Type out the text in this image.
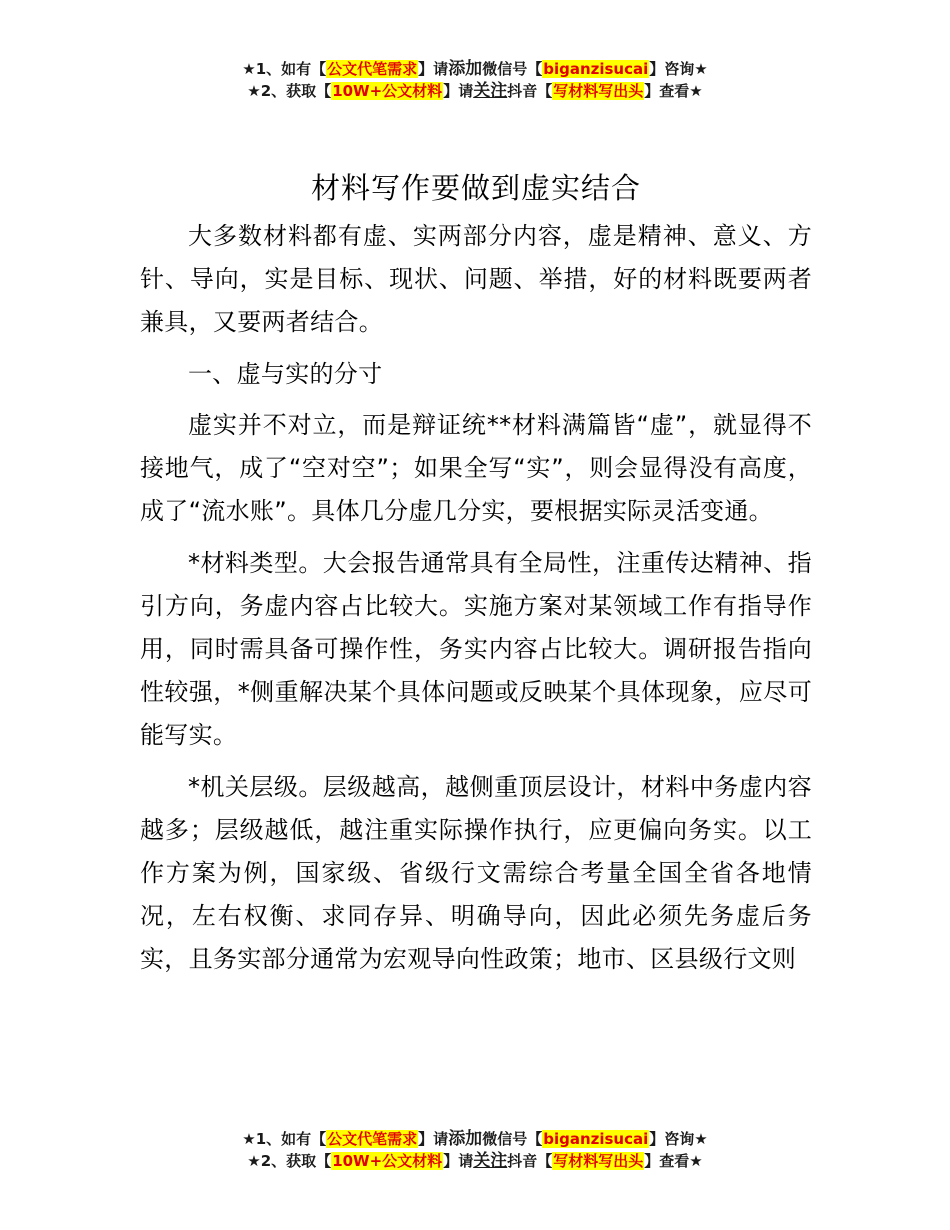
★1、如有【公文代笔需求】请添加微信号【biganzisucai】咨询★
★2、获取【10W+公文材料】请关注抖音【写材料写出头】查看★
材料写作要做到虚实结合

大多数材料都有虚、实两部分内容，虚是精神、意义、方针、导向，实是目标、现状、问题、举措，好的材料既要两者兼具，又要两者结合。

一、虚与实的分寸

虚实并不对立，而是辩证统**材料满篇皆“虚”，就显得不接地气，成了“空对空”；如果全写“实”，则会显得没有高度，成了“流水账”。具体几分虚几分实，要根据实际灵活变通。

*材料类型。大会报告通常具有全局性，注重传达精神、指引方向，务虚内容占比较大。实施方案对某领域工作有指导作用，同时需具备可操作性，务实内容占比较大。调研报告指向性较强，*侧重解决某个具体问题或反映某个具体现象，应尽可能写实。

*机关层级。层级越高，越侧重顶层设计，材料中务虚内容越多；层级越低，越注重实际操作执行，应更偏向务实。以工作方案为例，国家级、省级行文需综合考量全国全省各地情况，左右权衡、求同存异、明确导向，因此必须先务虚后务实，且务实部分通常为宏观导向性政策；地市、区县级行文则

★1、如有【公文代笔需求】请添加微信号【biganzisucai】咨询★
★2、获取【10W+公文材料】请关注抖音【写材料写出头】查看★
